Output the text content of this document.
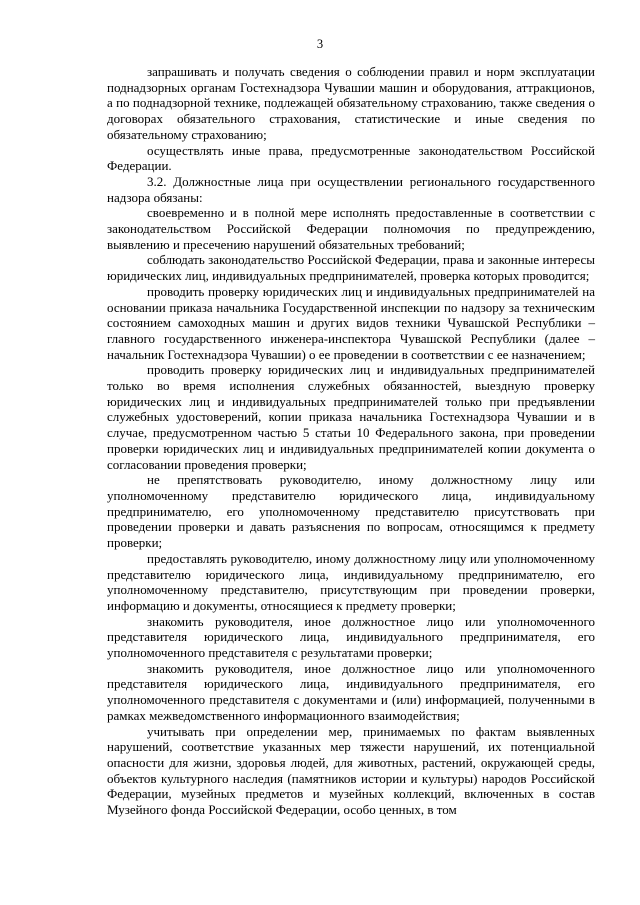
3

запрашивать и получать сведения о соблюдении правил и норм эксплуатации поднадзорных органам Гостехнадзора Чувашии машин и оборудования, аттракционов, а по поднадзорной технике, подлежащей обязательному страхованию, также сведения о договорах обязательного страхования, статистические и иные сведения по обязательному страхованию;

осуществлять иные права, предусмотренные законодательством Российской Федерации.

3.2. Должностные лица при осуществлении регионального государственного надзора обязаны:

своевременно и в полной мере исполнять предоставленные в соответствии с законодательством Российской Федерации полномочия по предупреждению, выявлению и пресечению нарушений обязательных требований;

соблюдать законодательство Российской Федерации, права и законные интересы юридических лиц, индивидуальных предпринимателей, проверка которых проводится;

проводить проверку юридических лиц и индивидуальных предпринимателей на основании приказа начальника Государственной инспекции по надзору за техническим состоянием самоходных машин и других видов техники Чувашской Республики – главного государственного инженера-инспектора Чувашской Республики (далее – начальник Гостехнадзора Чувашии) о ее проведении в соответствии с ее назначением;

проводить проверку юридических лиц и индивидуальных предпринимателей только во время исполнения служебных обязанностей, выездную проверку юридических лиц и индивидуальных предпринимателей только при предъявлении служебных удостоверений, копии приказа начальника Гостехнадзора Чувашии и в случае, предусмотренном частью 5 статьи 10 Федерального закона, при проведении проверки юридических лиц и индивидуальных предпринимателей копии документа о согласовании проведения проверки;

не препятствовать руководителю, иному должностному лицу или уполномоченному представителю юридического лица, индивидуальному предпринимателю, его уполномоченному представителю присутствовать при проведении проверки и давать разъяснения по вопросам, относящимся к предмету проверки;

предоставлять руководителю, иному должностному лицу или уполномоченному представителю юридического лица, индивидуальному предпринимателю, его уполномоченному представителю, присутствующим при проведении проверки, информацию и документы, относящиеся к предмету проверки;

знакомить руководителя, иное должностное лицо или уполномоченного представителя юридического лица, индивидуального предпринимателя, его уполномоченного представителя с результатами проверки;

знакомить руководителя, иное должностное лицо или уполномоченного представителя юридического лица, индивидуального предпринимателя, его уполномоченного представителя с документами и (или) информацией, полученными в рамках межведомственного информационного взаимодействия;

учитывать при определении мер, принимаемых по фактам выявленных нарушений, соответствие указанных мер тяжести нарушений, их потенциальной опасности для жизни, здоровья людей, для животных, растений, окружающей среды, объектов культурного наследия (памятников истории и культуры) народов Российской Федерации, музейных предметов и музейных коллекций, включенных в состав Музейного фонда Российской Федерации, особо ценных, в том
